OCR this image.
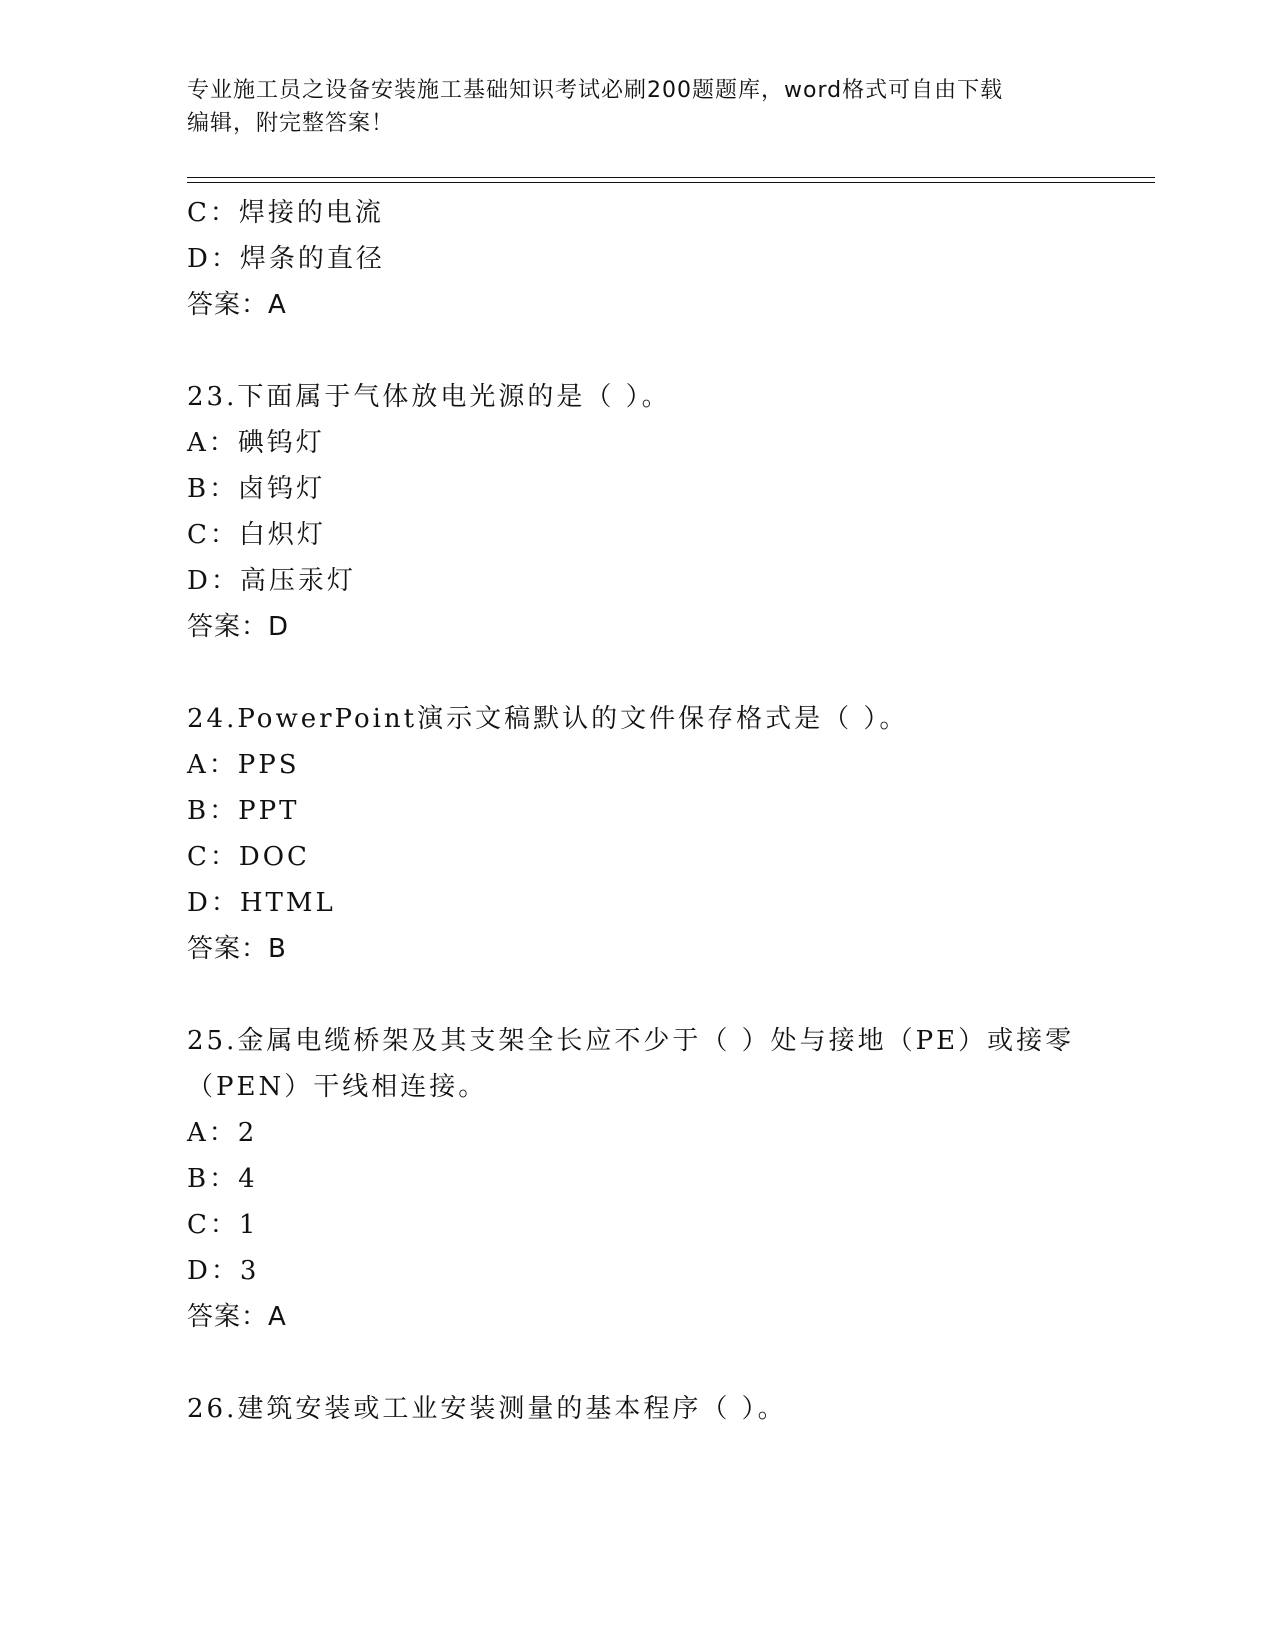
专业施工员之设备安装施工基础知识考试必刷200题题库，word格式可自由下载
编辑，附完整答案！
C：焊接的电流
D：焊条的直径
答案：A
23.下面属于气体放电光源的是（ ）。
A：碘钨灯
B：卤钨灯
C：白炽灯
D：高压汞灯
答案：D
24.PowerPoint演示文稿默认的文件保存格式是（ ）。
A：PPS
B：PPT
C：DOC
D：HTML
答案：B
25.金属电缆桥架及其支架全长应不少于（ ）处与接地（PE）或接零
（PEN）干线相连接。
A：2
B：4
C：1
D：3
答案：A
26.建筑安装或工业安装测量的基本程序（ ）。
